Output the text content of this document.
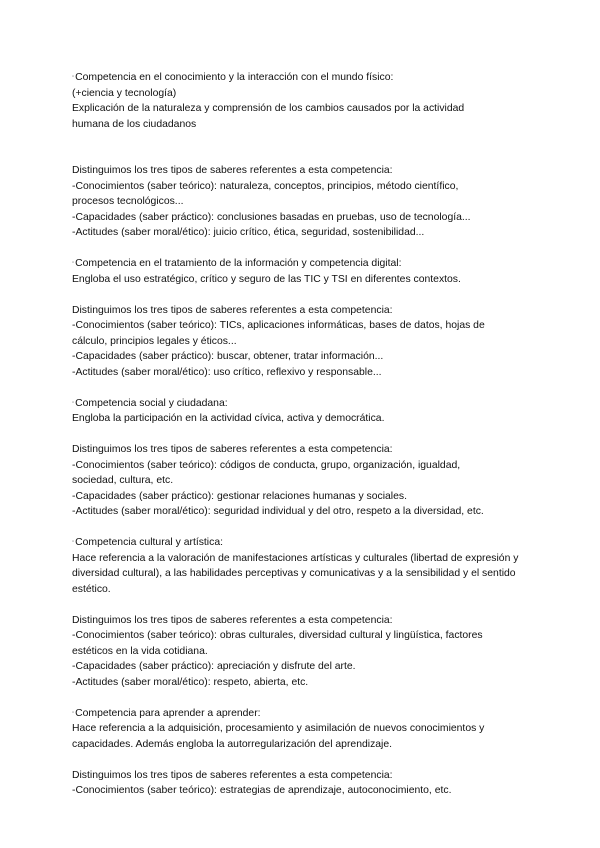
▫Competencia en el conocimiento y la interacción con el mundo físico:
(+ciencia y tecnología)
Explicación de la naturaleza y comprensión de los cambios causados por la actividad
humana de los ciudadanos
Distinguimos los tres tipos de saberes referentes a esta competencia:
-Conocimientos (saber teórico): naturaleza, conceptos, principios, método científico,
procesos tecnológicos...
-Capacidades (saber práctico): conclusiones basadas en pruebas, uso de tecnología...
-Actitudes (saber moral/ético): juicio crítico, ética, seguridad, sostenibilidad...
▫Competencia en el tratamiento de la información y competencia digital:
Engloba el uso estratégico, crítico y seguro de las TIC y TSI en diferentes contextos.
Distinguimos los tres tipos de saberes referentes a esta competencia:
-Conocimientos (saber teórico): TICs, aplicaciones informáticas, bases de datos, hojas de
cálculo, principios legales y éticos...
-Capacidades (saber práctico): buscar, obtener, tratar información...
-Actitudes (saber moral/ético): uso crítico, reflexivo y responsable...
▫Competencia social y ciudadana:
Engloba la participación en la actividad cívica, activa y democrática.
Distinguimos los tres tipos de saberes referentes a esta competencia:
-Conocimientos (saber teórico): códigos de conducta, grupo, organización, igualdad,
sociedad, cultura, etc.
-Capacidades (saber práctico): gestionar relaciones humanas y sociales.
-Actitudes (saber moral/ético): seguridad individual y del otro, respeto a la diversidad, etc.
▫Competencia cultural y artística:
Hace referencia a la valoración de manifestaciones artísticas y culturales (libertad de expresión y
diversidad cultural), a las habilidades perceptivas y comunicativas y a la sensibilidad y el sentido
estético.
Distinguimos los tres tipos de saberes referentes a esta competencia:
-Conocimientos (saber teórico): obras culturales, diversidad cultural y lingüística, factores
estéticos en la vida cotidiana.
-Capacidades (saber práctico): apreciación y disfrute del arte.
-Actitudes (saber moral/ético): respeto, abierta, etc.
▫Competencia para aprender a aprender:
Hace referencia a la adquisición, procesamiento y asimilación de nuevos conocimientos y
capacidades. Además engloba la autorregularización del aprendizaje.
Distinguimos los tres tipos de saberes referentes a esta competencia:
-Conocimientos (saber teórico): estrategias de aprendizaje, autoconocimiento, etc.
